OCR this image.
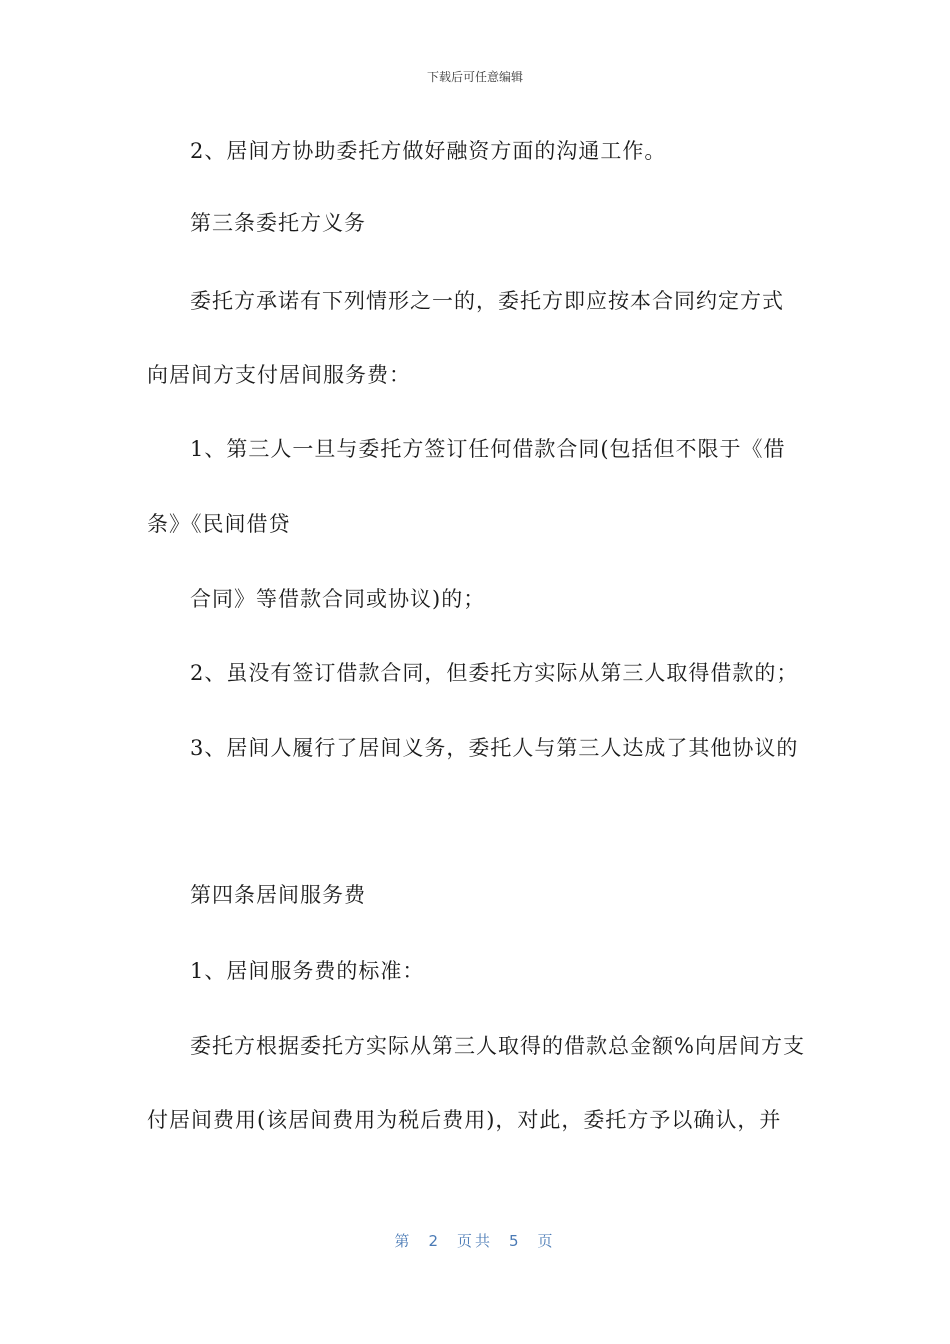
下载后可任意编辑
2、居间方协助委托方做好融资方面的沟通工作。
第三条委托方义务
委托方承诺有下列情形之一的，委托方即应按本合同约定方式
向居间方支付居间服务费：
1、第三人一旦与委托方签订任何借款合同(包括但不限于《借
条》《民间借贷
合同》等借款合同或协议)的；
2、虽没有签订借款合同，但委托方实际从第三人取得借款的；
3、居间人履行了居间义务，委托人与第三人达成了其他协议的
第四条居间服务费
1、居间服务费的标准：
委托方根据委托方实际从第三人取得的借款总金额%向居间方支
付居间费用(该居间费用为税后费用)，对此，委托方予以确认，并
第 2 页共 5 页
